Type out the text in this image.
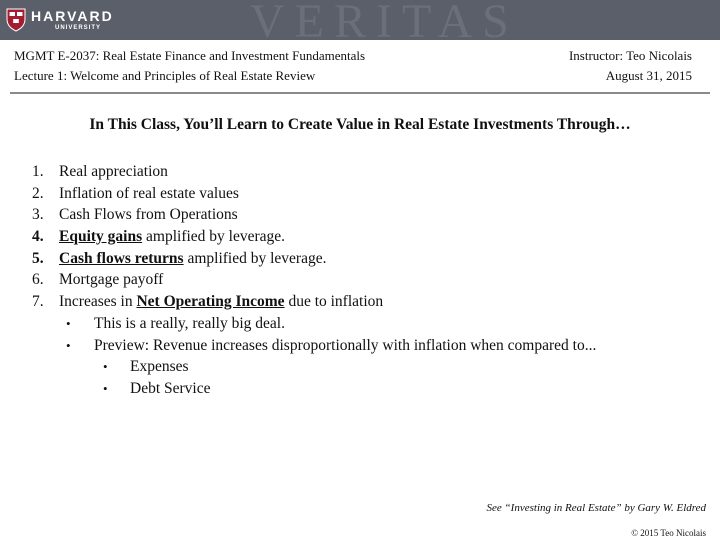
VERITAS
HARVARD
UNIVERSITY
MGMT E-2037: Real Estate Finance and Investment Fundamentals
Lecture 1: Welcome and Principles of Real Estate Review
Instructor: Teo Nicolais
August 31, 2015
In This Class, You’ll Learn to Create Value in Real Estate Investments Through…
1. Real appreciation
2. Inflation of real estate values
3. Cash Flows from Operations
4. Equity gains amplified by leverage.
5. Cash flows returns amplified by leverage.
6. Mortgage payoff
7. Increases in Net Operating Income due to inflation
• This is a really, really big deal.
• Preview: Revenue increases disproportionally with inflation when compared to...
• Expenses
• Debt Service
See “Investing in Real Estate” by Gary W. Eldred
© 2015 Teo Nicolais
